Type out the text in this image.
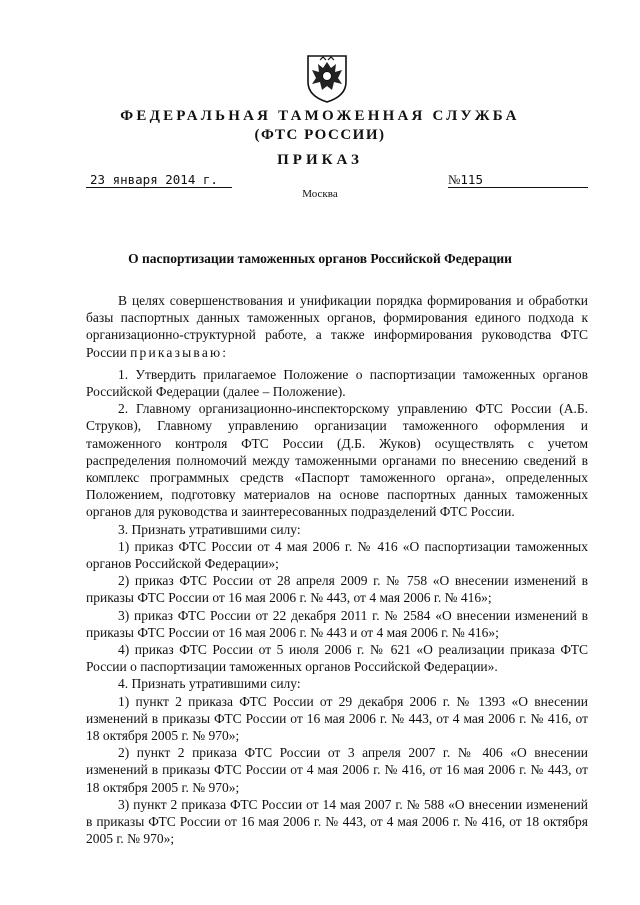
ФЕДЕРАЛЬНАЯ ТАМОЖЕННАЯ СЛУЖБА
(ФТС РОССИИ)
ПРИКАЗ
23 января 2014 г.	№115
Москва
О паспортизации таможенных органов Российской Федерации

В целях совершенствования и унификации порядка формирования и обработки базы паспортных данных таможенных органов, формирования единого подхода к организационно-структурной работе, а также информирования руководства ФТС России приказываю:

1. Утвердить прилагаемое Положение о паспортизации таможенных органов Российской Федерации (далее – Положение).

2. Главному организационно-инспекторскому управлению ФТС России (А.Б. Струков), Главному управлению организации таможенного оформления и таможенного контроля ФТС России (Д.Б. Жуков) осуществлять с учетом распределения полномочий между таможенными органами по внесению сведений в комплекс программных средств «Паспорт таможенного органа», определенных Положением, подготовку материалов на основе паспортных данных таможенных органов для руководства и заинтересованных подразделений ФТС России.

3. Признать утратившими силу:

1) приказ ФТС России от 4 мая 2006 г. № 416 «О паспортизации таможенных органов Российской Федерации»;

2) приказ ФТС России от 28 апреля 2009 г. № 758 «О внесении изменений в приказы ФТС России от 16 мая 2006 г. № 443, от 4 мая 2006 г. № 416»;

3) приказ ФТС России от 22 декабря 2011 г. № 2584 «О внесении изменений в приказы ФТС России от 16 мая 2006 г. № 443 и от 4 мая 2006 г. № 416»;

4) приказ ФТС России от 5 июля 2006 г. № 621 «О реализации приказа ФТС России о паспортизации таможенных органов Российской Федерации».

4. Признать утратившими силу:

1) пункт 2 приказа ФТС России от 29 декабря 2006 г. № 1393 «О внесении изменений в приказы ФТС России от 16 мая 2006 г. № 443, от 4 мая 2006 г. № 416, от 18 октября 2005 г. № 970»;

2) пункт 2 приказа ФТС России от 3 апреля 2007 г. № 406 «О внесении изменений в приказы ФТС России от 4 мая 2006 г. № 416, от 16 мая 2006 г. № 443, от 18 октября 2005 г. № 970»;

3) пункт 2 приказа ФТС России от 14 мая 2007 г. № 588 «О внесении изменений в приказы ФТС России от 16 мая 2006 г. № 443, от 4 мая 2006 г. № 416, от 18 октября 2005 г. № 970»;
